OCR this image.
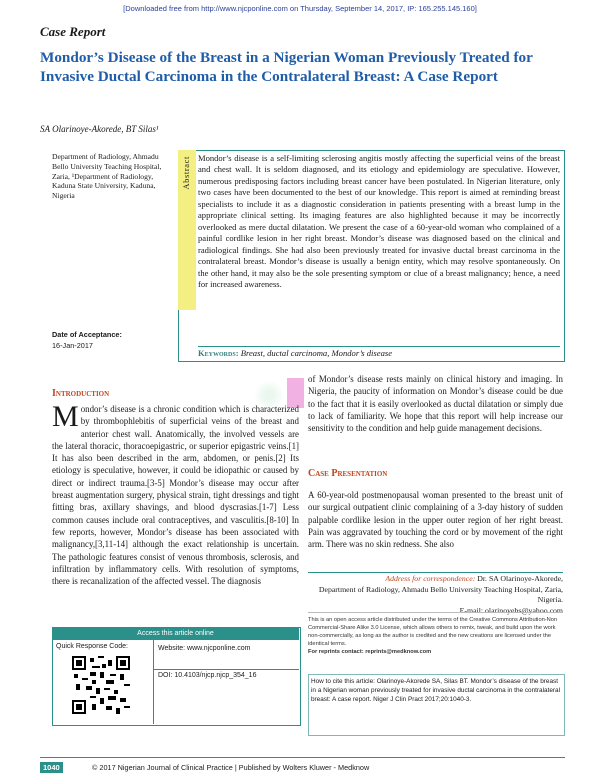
[Downloaded free from http://www.njcponline.com on Thursday, September 14, 2017, IP: 165.255.145.160]
Case Report
Mondor’s Disease of the Breast in a Nigerian Woman Previously Treated for Invasive Ductal Carcinoma in the Contralateral Breast: A Case Report
SA Olarinoye-Akorede, BT Silas¹
Department of Radiology, Ahmadu Bello University Teaching Hospital, Zaria, ¹Department of Radiology, Kaduna State University, Kaduna, Nigeria
Date of Acceptance:
16-Jan-2017
Abstract Mondor’s disease is a self-limiting sclerosing angitis mostly affecting the superficial veins of the breast and chest wall. It is seldom diagnosed, and its etiology and epidemiology are speculative. However, numerous predisposing factors including breast cancer have been postulated. In Nigerian literature, only two cases have been documented to the best of our knowledge. This report is aimed at reminding breast specialists to include it as a diagnostic consideration in patients presenting with a breast lump in the appropriate clinical setting. Its imaging features are also highlighted because it may be incorrectly overlooked as mere ductal dilatation. We present the case of a 60-year-old woman who complained of a painful cordlike lesion in her right breast. Mondor’s disease was diagnosed based on the clinical and radiological findings. She had also been previously treated for invasive ductal breast carcinoma in the contralateral breast. Mondor’s disease is usually a benign entity, which may resolve spontaneously. On the other hand, it may also be the sole presenting symptom or clue of a breast malignancy; hence, a need for increased awareness.
Keywords: Breast, ductal carcinoma, Mondor’s disease
Introduction
Mondor’s disease is a chronic condition which is characterized by thrombophlebitis of superficial veins of the breast and anterior chest wall. Anatomically, the involved vessels are the lateral thoracic, thoracoepigastric, or superior epigastric veins.[1] It has also been described in the arm, abdomen, or penis.[2] Its etiology is speculative, however, it could be idiopathic or caused by direct or indirect trauma.[3-5] Mondor’s disease may occur after breast augmentation surgery, physical strain, tight dressings and tight fitting bras, axillary shavings, and blood dyscrasias.[1-7] Less common causes include oral contraceptives, and vasculitis.[8-10] In few reports, however, Mondor’s disease has been associated with malignancy,[3,11-14] although the exact relationship is uncertain. The pathologic features consist of venous thrombosis, sclerosis, and infiltration by inflammatory cells. With resolution of symptoms, there is recanalization of the affected vessel. The diagnosis
of Mondor’s disease rests mainly on clinical history and imaging. In Nigeria, the paucity of information on Mondor’s disease could be due to the fact that it is easily overlooked as ductal dilatation or simply due to lack of familiarity. We hope that this report will help increase our sensitivity to the condition and help guide management decisions.
Case Presentation
A 60-year-old postmenopausal woman presented to the breast unit of our surgical outpatient clinic complaining of a 3-day history of sudden palpable cordlike lesion in the upper outer region of her right breast. Pain was aggravated by touching the cord or by movement of the right arm. There was no skin redness. She also
Address for correspondence: Dr. SA Olarinoye-Akorede,
Department of Radiology, Ahmadu Bello University Teaching Hospital, Zaria, Nigeria.
E-mail: olarinoyebs@yahoo.com
This is an open access article distributed under the terms of the Creative Commons Attribution-Non Commercial-Share Alike 3.0 License, which allows others to remix, tweak, and build upon the work non-commercially, as long as the author is credited and the new creations are licensed under the identical terms.
For reprints contact: reprints@medknow.com
How to cite this article: Olarinoye-Akorede SA, Silas BT. Mondor’s disease of the breast in a Nigerian woman previously treated for invasive ductal carcinoma in the contralateral breast: A case report. Niger J Clin Pract 2017;20:1040-3.
Access this article online
Quick Response Code:	Website: www.njcponline.com
DOI: 10.4103/njcp.njcp_354_16
1040	© 2017 Nigerian Journal of Clinical Practice | Published by Wolters Kluwer - Medknow
